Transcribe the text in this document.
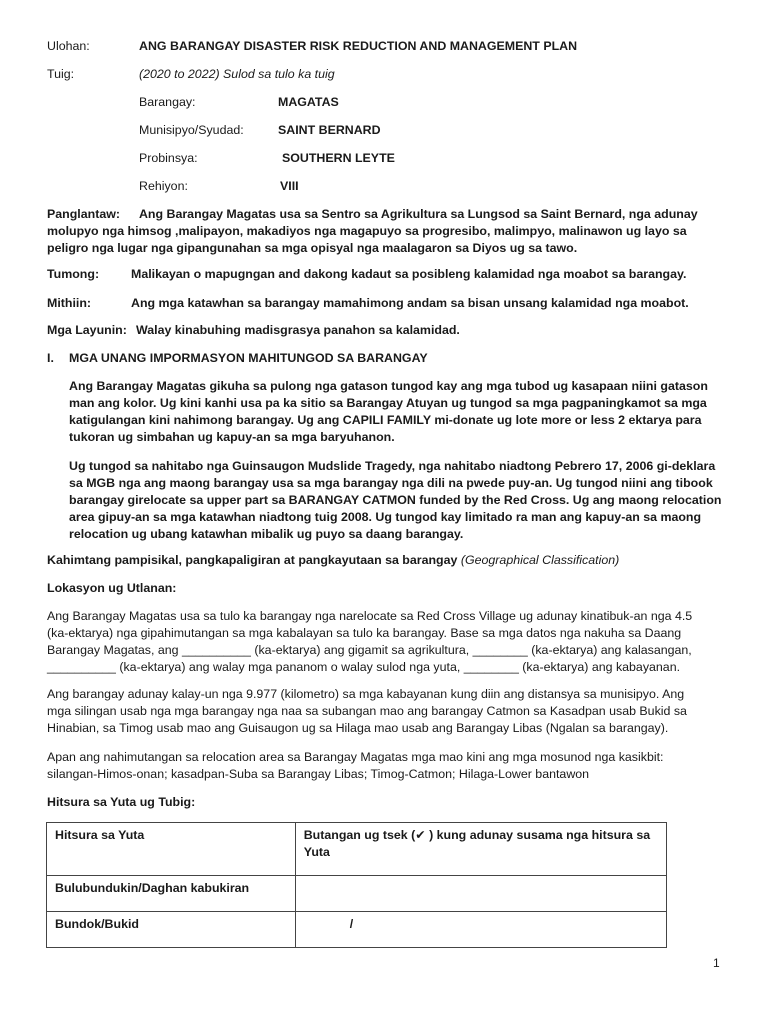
Ulohan:	ANG BARANGAY DISASTER RISK REDUCTION AND MANAGEMENT PLAN
Tuig:	(2020 to 2022) Sulod sa tulo ka tuig
Barangay:	MAGATAS
Munisipyo/Syudad:	SAINT BERNARD
Probinsya:	SOUTHERN LEYTE
Rehiyon:	VIII
Panglantaw: Ang Barangay Magatas usa sa Sentro sa Agrikultura sa Lungsod sa Saint Bernard, nga adunay
molupyo nga himsog ,malipayon, makadiyos nga magapuyo sa progresibo, malimpyo, malinawon ug layo sa
peligro nga lugar nga gipangunahan sa mga opisyal nga maalagaron sa Diyos ug sa tawo.
Tumong:	Malikayan o mapugngan and dakong kadaut sa posibleng kalamidad nga moabot sa barangay.
Mithiin:	Ang mga katawhan sa barangay mamahimong andam sa bisan unsang kalamidad nga moabot.
Mga Layunin: Walay kinabuhing madisgrasya panahon sa kalamidad.
I. MGA UNANG IMPORMASYON MAHITUNGOD SA BARANGAY
Ang Barangay Magatas gikuha sa pulong nga gatason tungod kay ang mga tubod ug kasapaan niini gatason
man ang kolor. Ug kini kanhi usa pa ka sitio sa Barangay Atuyan ug tungod sa mga pagpaningkamot sa mga
katigulangan kini nahimong barangay. Ug ang CAPILI FAMILY mi-donate ug lote more or less 2 ektarya para
tukoran ug simbahan ug kapuy-an sa mga baryuhanon.
Ug tungod sa nahitabo nga Guinsaugon Mudslide Tragedy, nga nahitabo niadtong Pebrero 17, 2006 gi-deklara
sa MGB nga ang maong barangay usa sa mga barangay nga dili na pwede puy-an. Ug tungod niini ang tibook
barangay girelocate sa upper part sa BARANGAY CATMON funded by the Red Cross. Ug ang maong relocation
area gipuy-an sa mga katawhan niadtong tuig 2008. Ug tungod kay limitado ra man ang kapuy-an sa maong
relocation ug ubang katawhan mibalik ug puyo sa daang barangay.
Kahimtang pampisikal, pangkapaligiran at pangkayutaan sa barangay (Geographical Classification)
Lokasyon ug Utlanan:
Ang Barangay Magatas usa sa tulo ka barangay nga narelocate sa Red Cross Village ug adunay kinatibuk-an nga 4.5
(ka-ektarya) nga gipahimutangan sa mga kabalayan sa tulo ka barangay. Base sa mga datos nga nakuha sa Daang
Barangay Magatas, ang __________ (ka-ektarya) ang gigamit sa agrikultura, ________ (ka-ektarya) ang kalasangan,
__________ (ka-ektarya) ang walay mga pananom o walay sulod nga yuta, ________ (ka-ektarya) ang kabayanan.
Ang barangay adunay kalay-un nga 9.977 (kilometro) sa mga kabayanan kung diin ang distansya sa munisipyo. Ang
mga silingan usab nga mga barangay nga naa sa subangan mao ang barangay Catmon sa Kasadpan usab Bukid sa
Hinabian, sa Timog usab mao ang Guisaugon ug sa Hilaga mao usab ang Barangay Libas (Ngalan sa barangay).
Apan ang nahimutangan sa relocation area sa Barangay Magatas mga mao kini ang mga mosunod nga kasikbit:
silangan-Himos-onan; kasadpan-Suba sa Barangay Libas; Timog-Catmon; Hilaga-Lower bantawon
Hitsura sa Yuta ug Tubig:
Hitsura sa Yuta	Butangan ug tsek (✔ ) kung adunay susama nga hitsura sa Yuta
Bulubundukin/Daghan kabukiran	
Bundok/Bukid	/
1
